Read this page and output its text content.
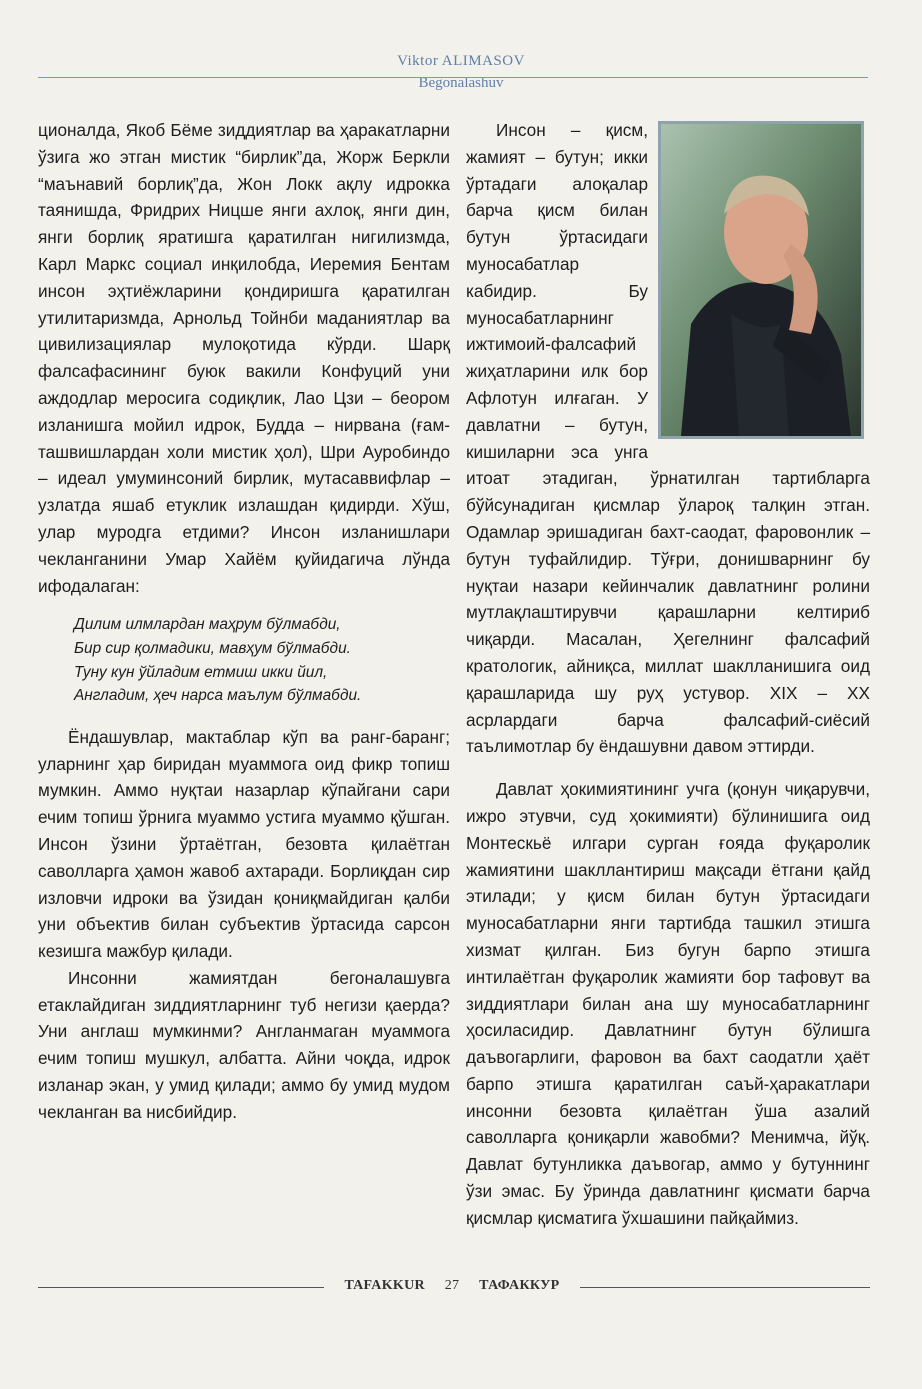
Viktor ALIMASOV
Begonalashuv

ционалда, Якоб Бёме зиддиятлар ва ҳаракатларни ўзига жо этган мистик “бирлик”да, Жорж Беркли “маънавий борлиқ”да, Жон Локк ақлу идрокка таянишда, Фридрих Ницше янги ахлоқ, янги дин, янги борлиқ яратишга қаратилган нигилизмда, Карл Маркс социал инқилобда, Иеремия Бентам инсон эҳтиёжларини қондиришга қаратилган утилитаризмда, Арнольд Тойнби маданиятлар ва цивилизациялар мулоқотида кўрди. Шарқ фалсафасининг буюк вакили Конфуций уни аждодлар меросига содиқлик, Лао Цзи – беором изланишга мойил идрок, Будда – нирвана (ғам-ташвишлардан холи мистик ҳол), Шри Ауробиндо – идеал умуминсоний бирлик, мутасаввифлар – узлатда яшаб етуклик излашдан қидирди. Хўш, улар муродга етдими? Инсон изланишлари чекланганини Умар Хайём қуйидагича лўнда ифодалаган:

Дилим илмлардан маҳрум бўлмабди,
Бир сир қолмадики, мавҳум бўлмабди.
Туну кун ўйладим етмиш икки йил,
Англадим, ҳеч нарса маълум бўлмабди.

Ёндашувлар, мактаблар кўп ва ранг-баранг; уларнинг ҳар биридан муаммога оид фикр топиш мумкин. Аммо нуқтаи назарлар кўпайгани сари ечим топиш ўрнига муаммо устига муаммо қўшган. Инсон ўзини ўртаётган, безовта қилаётган саволларга ҳамон жавоб ахтаради. Борлиқдан сир изловчи идроки ва ўзидан қониқмайдиган қалби уни объектив билан субъектив ўртасида сарсон кезишга мажбур қилади.

Инсонни жамиятдан бегоналашувга етаклайдиган зиддиятларнинг туб негизи қаерда? Уни англаш мумкинми? Англанмаган муаммога ечим топиш мушкул, албатта. Айни чоқда, идрок изланар экан, у умид қилади; аммо бу умид мудом чекланган ва нисбийдир.

Инсон – қисм, жамият – бутун; икки ўртадаги алоқалар барча қисм билан бутун ўртасидаги муносабатлар кабидир. Бу муносабатларнинг ижтимоий-фалсафий жиҳатларини илк бор Афлотун илғаган. У давлатни – бутун, кишиларни эса унга итоат этадиган, ўрнатилган тартибларга бўйсунадиган қисмлар ўлароқ талқин этган. Одамлар эришадиган бахт-саодат, фаровонлик – бутун туфайлидир. Тўғри, донишварнинг бу нуқтаи назари кейинчалик давлатнинг ролини мутлақлаштирувчи қарашларни келтириб чиқарди. Масалан, Ҳегелнинг фалсафий кратологик, айниқса, миллат шаклланишига оид қарашларида шу руҳ устувор. XIX – XX асрлардаги барча фалсафий-сиёсий таълимотлар бу ёндашувни давом эттирди.

Давлат ҳокимиятининг учга (қонун чиқарувчи, ижро этувчи, суд ҳокимияти) бўлинишига оид Монтескьё илгари сурган ғояда фуқаролик жамиятини шакллантириш мақсади ётгани қайд этилади; у қисм билан бутун ўртасидаги муносабатларни янги тартибда ташкил этишга хизмат қилган. Биз бугун барпо этишга интилаётган фуқаролик жамияти бор тафовут ва зиддиятлари билан ана шу муносабатларнинг ҳосиласидир. Давлатнинг бутун бўлишга даъвогарлиги, фаровон ва бахт саодатли ҳаёт барпо этишга қаратилган саъй-ҳаракатлари инсонни безовта қилаётган ўша азалий саволларга қониқарли жавобми? Менимча, йўқ. Давлат бутунликка даъвогар, аммо у бутуннинг ўзи эмас. Бу ўринда давлатнинг қисмати барча қисмлар қисматига ўхшашини пайқаймиз.

TAFAKKUR 27 ТАФАККУР
